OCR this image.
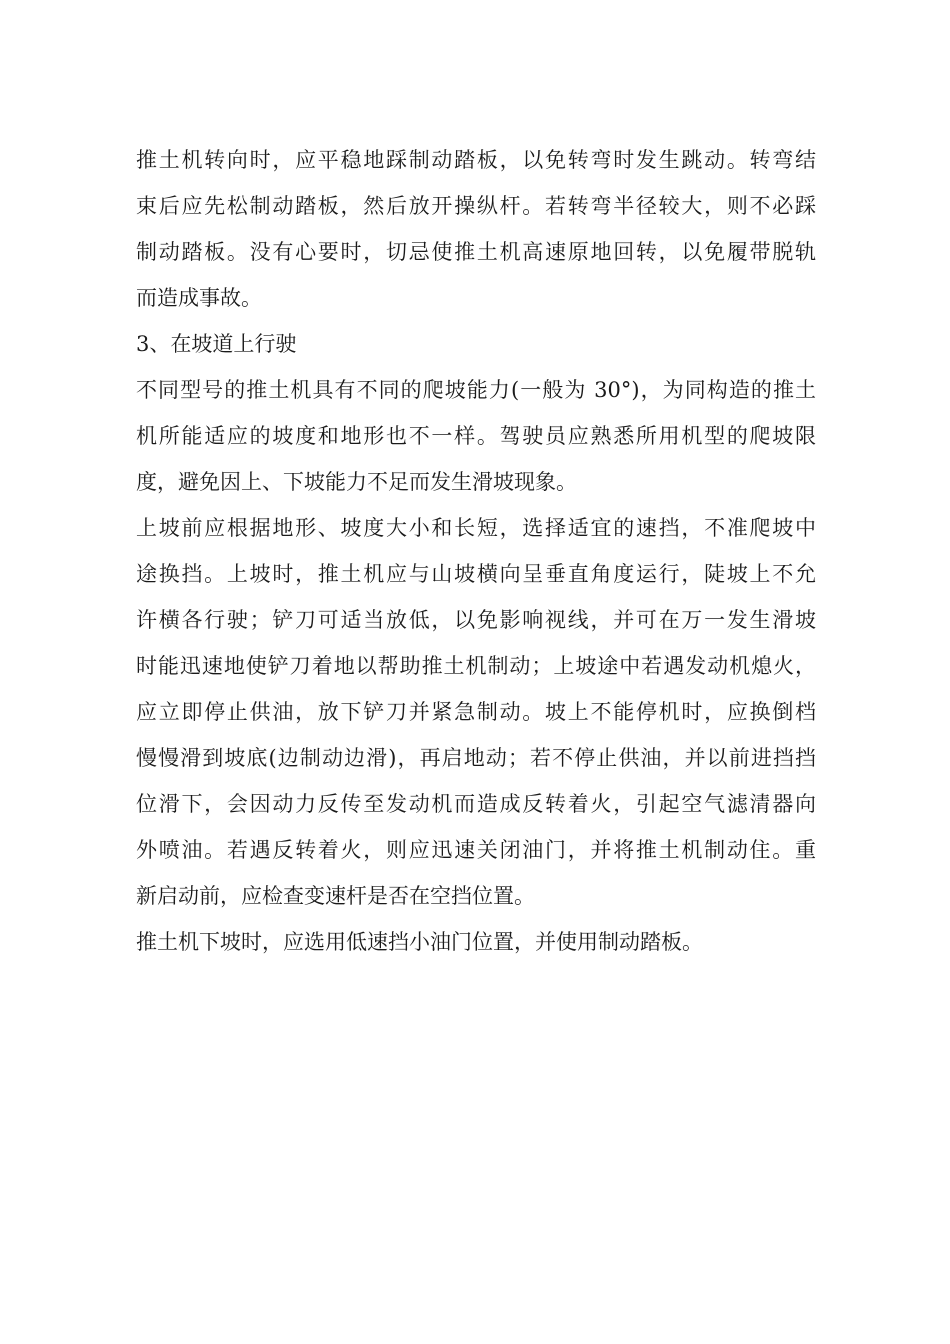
推土机转向时，应平稳地踩制动踏板，以免转弯时发生跳动。转弯结
束后应先松制动踏板，然后放开操纵杆。若转弯半径较大，则不必踩
制动踏板。没有心要时，切忌使推土机高速原地回转，以免履带脱轨
而造成事故。
3、在坡道上行驶
不同型号的推土机具有不同的爬坡能力(一般为 30°)，为同构造的推土
机所能适应的坡度和地形也不一样。驾驶员应熟悉所用机型的爬坡限
度，避免因上、下坡能力不足而发生滑坡现象。
上坡前应根据地形、坡度大小和长短，选择适宜的速挡，不准爬坡中
途换挡。上坡时，推土机应与山坡横向呈垂直角度运行，陡坡上不允
许横各行驶；铲刀可适当放低，以免影响视线，并可在万一发生滑坡
时能迅速地使铲刀着地以帮助推土机制动；上坡途中若遇发动机熄火，
应立即停止供油，放下铲刀并紧急制动。坡上不能停机时，应换倒档
慢慢滑到坡底(边制动边滑)，再启地动；若不停止供油，并以前进挡挡
位滑下，会因动力反传至发动机而造成反转着火，引起空气滤清器向
外喷油。若遇反转着火，则应迅速关闭油门，并将推土机制动住。重
新启动前，应检查变速杆是否在空挡位置。
推土机下坡时，应选用低速挡小油门位置，并使用制动踏板。
